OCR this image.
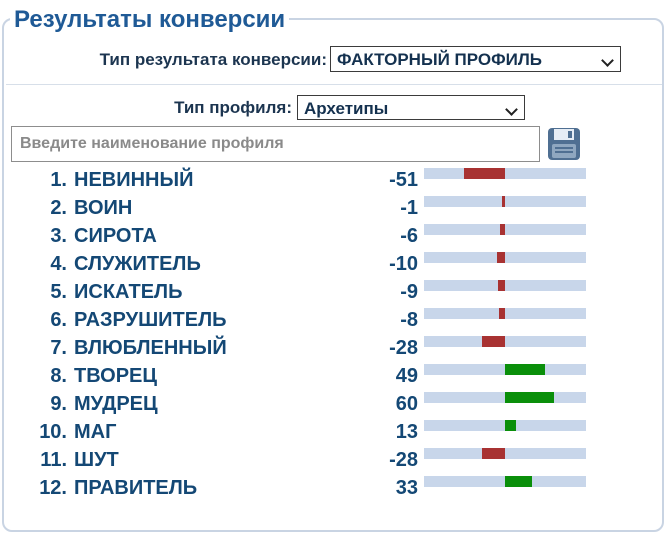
Результаты конверсии
Тип результата конверсии: ФАКТОРНЫЙ ПРОФИЛЬ
Тип профиля: Архетипы
Введите наименование профиля
1. НЕВИННЫЙ	-51
2. ВОИН	-1
3. СИРОТА	-6
4. СЛУЖИТЕЛЬ	-10
5. ИСКАТЕЛЬ	-9
6. РАЗРУШИТЕЛЬ	-8
7. ВЛЮБЛЕННЫЙ	-28
8. ТВОРЕЦ	49
9. МУДРЕЦ	60
10. МАГ	13
11. ШУТ	-28
12. ПРАВИТЕЛЬ	33
